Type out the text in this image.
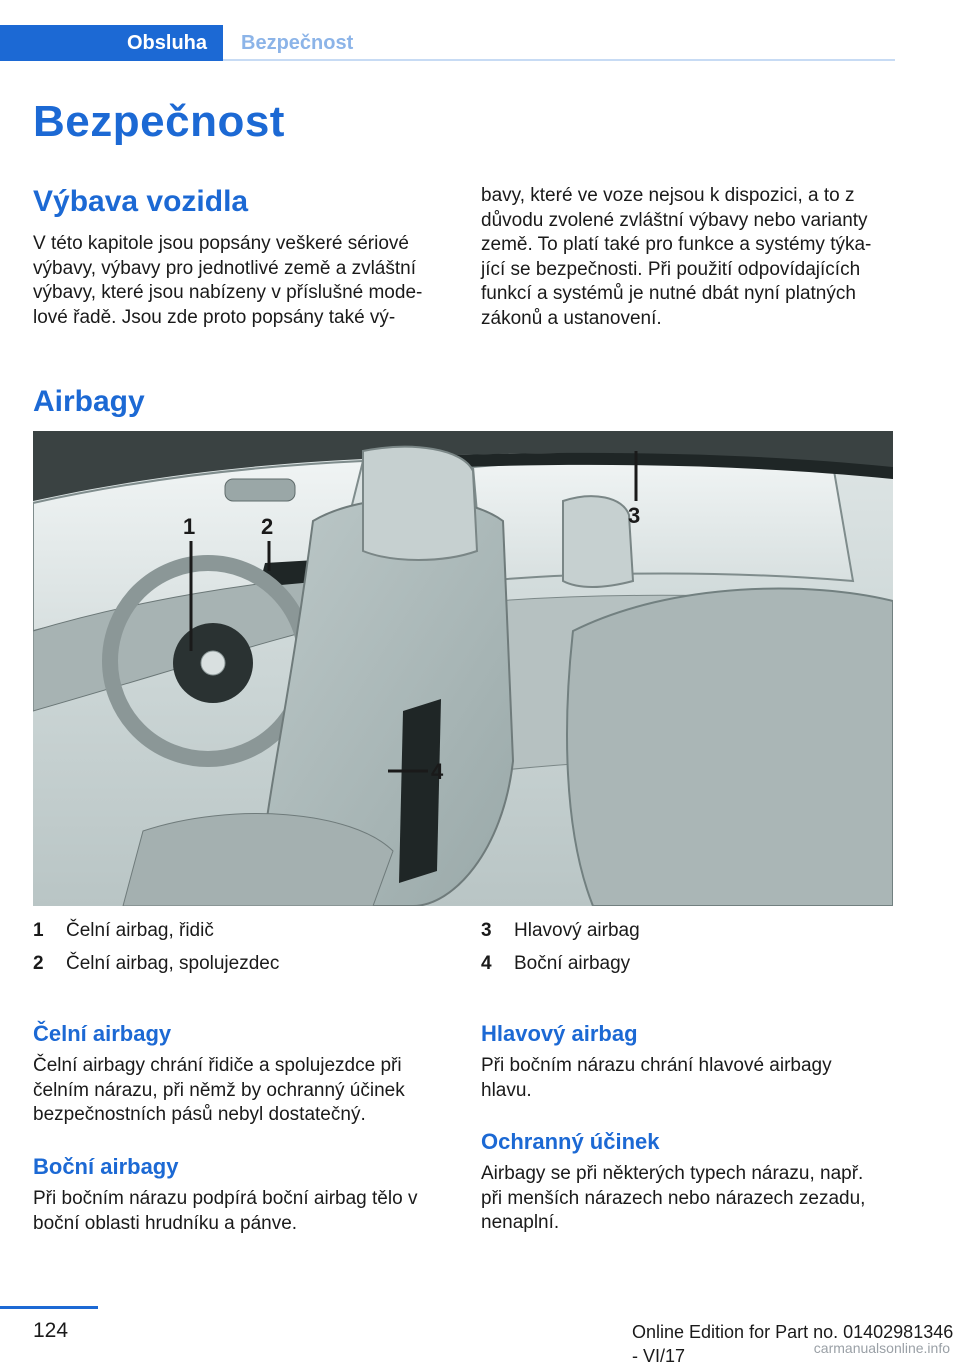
Obsluha	Bezpečnost
Bezpečnost
Výbava vozidla

V této kapitole jsou popsány veškeré sériové

výbavy, výbavy pro jednotlivé země a zvláštní

výbavy, které jsou nabízeny v příslušné mode‐

lové řadě. Jsou zde proto popsány také vý‐

bavy, které ve voze nejsou k dispozici, a to z

důvodu zvolené zvláštní výbavy nebo varianty

země. To platí také pro funkce a systémy týka‐

jící se bezpečnosti. Při použití odpovídajících

funkcí a systémů je nutné dbát nyní platných

zákonů a ustanovení.

Airbagy
1	2	3
4
1 Čelní airbag, řidič
2 Čelní airbag, spolujezdec
3 Hlavový airbag
4 Boční airbagy
Čelní airbagy

Čelní airbagy chrání řidiče a spolujezdce při

čelním nárazu, při němž by ochranný účinek

bezpečnostních pásů nebyl dostatečný.

Boční airbagy

Při bočním nárazu podpírá boční airbag tělo v

boční oblasti hrudníku a pánve.

Hlavový airbag

Při bočním nárazu chrání hlavové airbagy

hlavu.

Ochranný účinek

Airbagy se při některých typech nárazu, např.

při menších nárazech nebo nárazech zezadu,

nenaplní.

124	Online Edition for Part no. 01402981346 - VI/17	carmanualsonline.info
